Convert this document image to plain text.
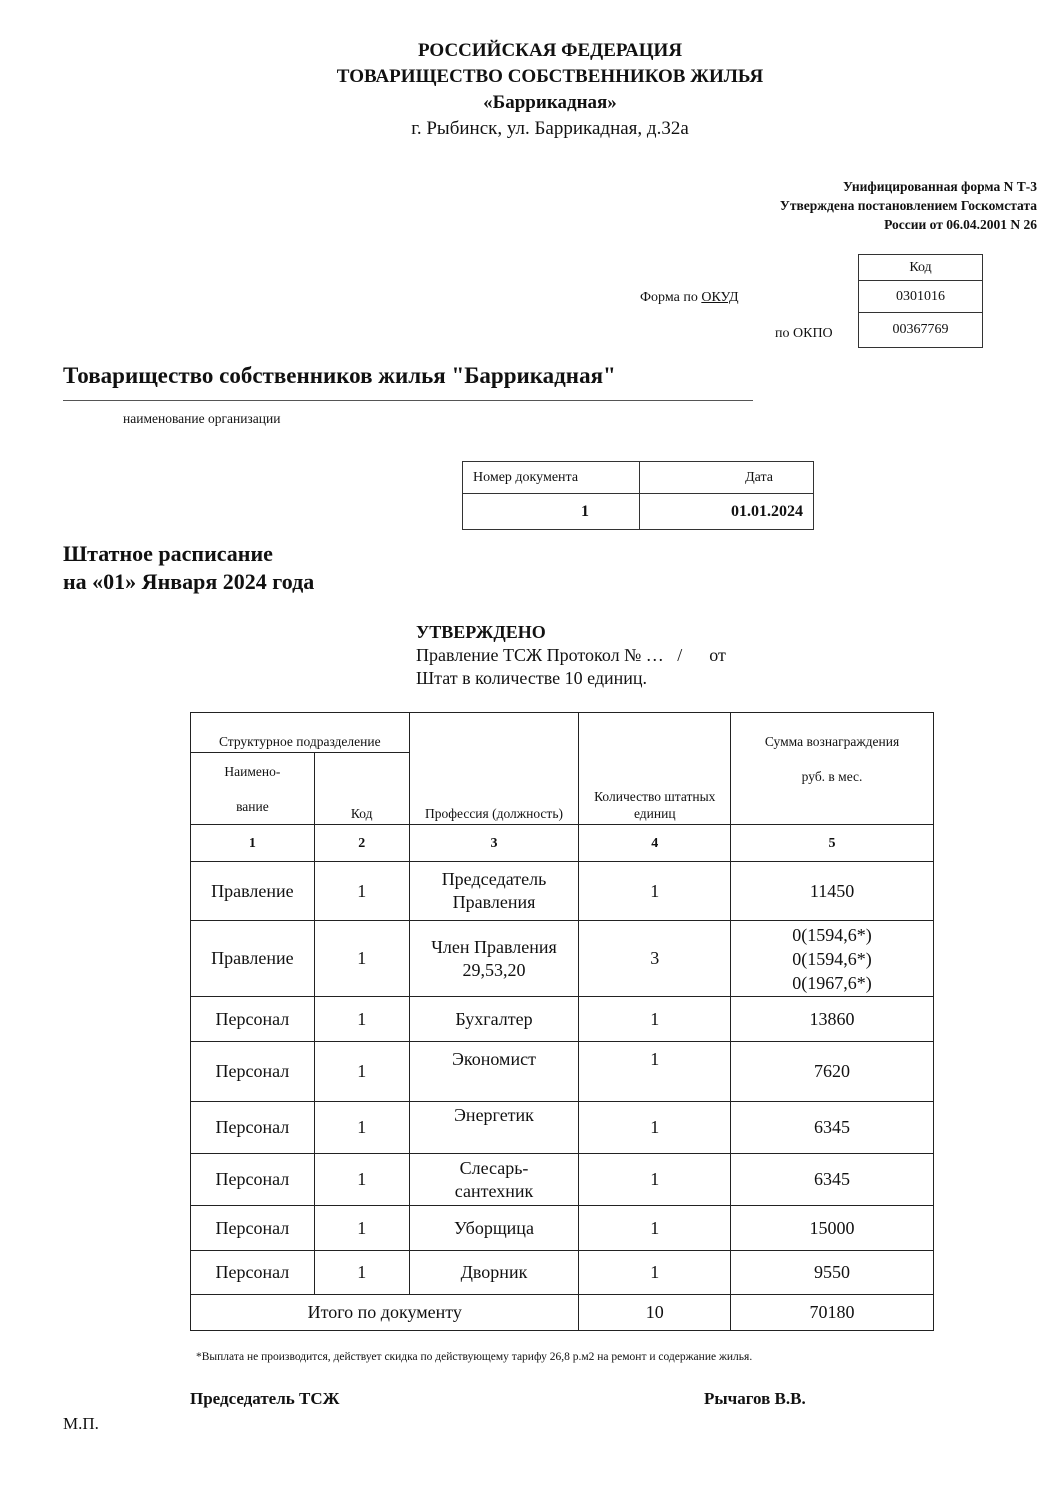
РОССИЙСКАЯ ФЕДЕРАЦИЯ
ТОВАРИЩЕСТВО СОБСТВЕННИКОВ ЖИЛЬЯ
«Баррикадная»
г. Рыбинск, ул. Баррикадная, д.32а
Унифицированная форма N Т-3
Утверждена постановлением Госкомстата
России от 06.04.2001 N 26
Форма по ОКУД
по ОКПО
Код
0301016
00367769
Товарищество собственников жилья "Баррикадная"
наименование организации
Номер документа	Дата
1	01.01.2024
Штатное расписание
на «01» Января 2024 года
УТВЕРЖДЕНО
Правление ТСЖ Протокол № …   /      от
Штат в количестве 10 единиц.
Структурное подразделение		Профессия (должность)	Количество штатных единиц	Сумма вознаграждения
руб. в мес.

Наимено-
вание	Код			
1	2	3	4	5
Правление	1	Председатель Правления	1	11450
Правление	1	Член Правления 29,53,20	3	0(1594,6*) 0(1594,6*) 0(1967,6*)
Персонал	1	Бухгалтер	1	13860
Персонал	1	Экономист	1	7620
Персонал	1	Энергетик	1	6345
Персонал	1	Слесарь-сантехник	1	6345
Персонал	1	Уборщица	1	15000
Персонал	1	Дворник	1	9550
Итого по документу			10	70180
*Выплата не производится, действует скидка по действующему тарифу 26,8 р.м2 на ремонт и содержание жилья.
Председатель ТСЖ	Рычагов В.В.
М.П.
